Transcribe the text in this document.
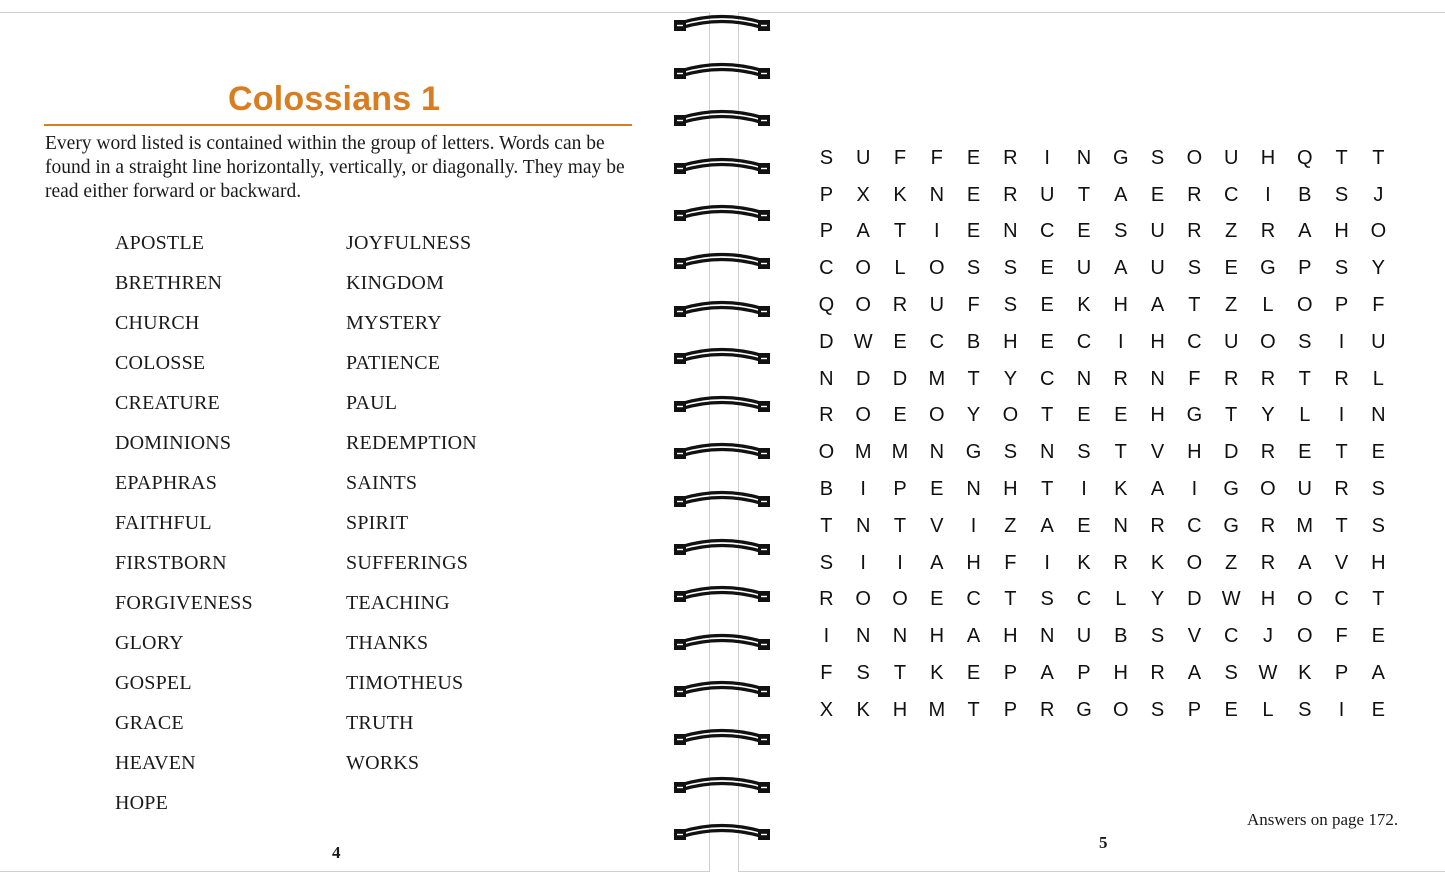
Colossians 1

Every word listed is contained within the group of letters. Words can be found in a straight line horizontally, vertically, or diagonally. They may be read either forward or backward.

APOSTLE
BRETHREN
CHURCH
COLOSSE
CREATURE
DOMINIONS
EPAPHRAS
FAITHFUL
FIRSTBORN
FORGIVENESS
GLORY
GOSPEL
GRACE
HEAVEN
HOPE
JOYFULNESS
KINGDOM
MYSTERY
PATIENCE
PAUL
REDEMPTION
SAINTS
SPIRIT
SUFFERINGS
TEACHING
THANKS
TIMOTHEUS
TRUTH
WORKS
4
S	U	F	F	E	R	I	N	G	S	O	U	H	Q	T	T
P	X	K	N	E	R	U	T	A	E	R	C	I	B	S	J
P	A	T	I	E	N	C	E	S	U	R	Z	R	A	H	O
C	O	L	O	S	S	E	U	A	U	S	E	G	P	S	Y
Q	O	R	U	F	S	E	K	H	A	T	Z	L	O	P	F
D	W	E	C	B	H	E	C	I	H	C	U	O	S	I	U
N	D	D	M	T	Y	C	N	R	N	F	R	R	T	R	L
R	O	E	O	Y	O	T	E	E	H	G	T	Y	L	I	N
O	M	M	N	G	S	N	S	T	V	H	D	R	E	T	E
B	I	P	E	N	H	T	I	K	A	I	G	O	U	R	S
T	N	T	V	I	Z	A	E	N	R	C	G	R	M	T	S
S	I	I	A	H	F	I	K	R	K	O	Z	R	A	V	H
R	O	O	E	C	T	S	C	L	Y	D	W	H	O	C	T
I	N	N	H	A	H	N	U	B	S	V	C	J	O	F	E
F	S	T	K	E	P	A	P	H	R	A	S	W	K	P	A
X	K	H	M	T	P	R	G	O	S	P	E	L	S	I	E
Answers on page 172.
5
